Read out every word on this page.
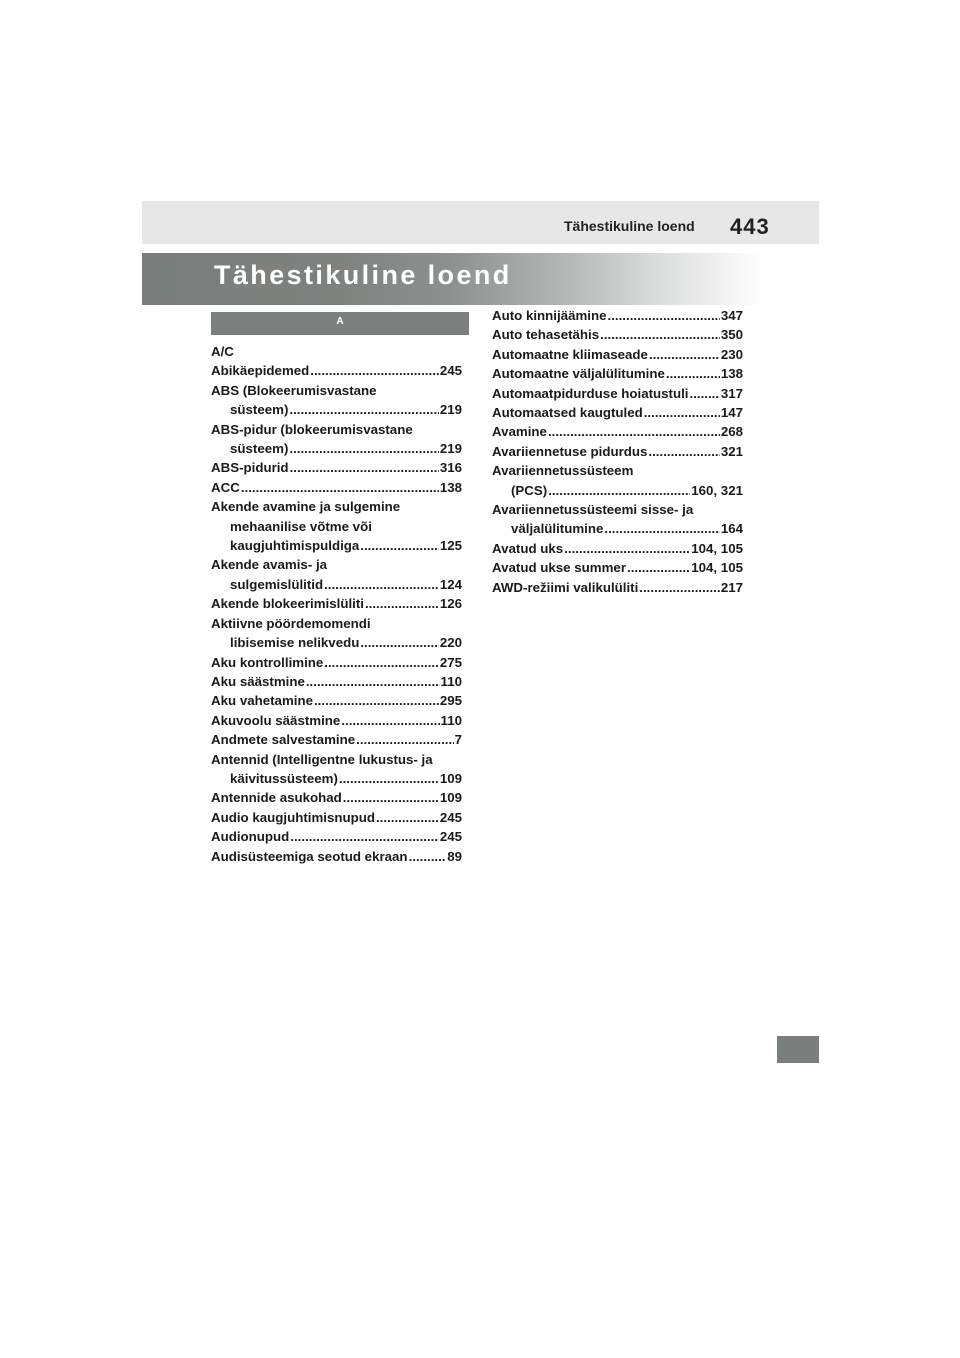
Tähestikuline loend 443
Tähestikuline loend
A
A/C
Abikäepidemed .....	245
ABS (Blokeerumisvastane
süsteem) .....	219
ABS-pidur (blokeerumisvastane
süsteem) .....	219
ABS-pidurid .....	316
ACC .....	138
Akende avamine ja sulgemine
mehaanilise võtme või
kaugjuhtimispuldiga .....	125
Akende avamis- ja
sulgemislülitid .....	124
Akende blokeerimislüliti .....	126
Aktiivne pöördemomendi
libisemise nelikvedu .....	220
Aku kontrollimine .....	275
Aku säästmine .....	110
Aku vahetamine .....	295
Akuvoolu säästmine .....	110
Andmete salvestamine .....	7
Antennid (Intelligentne lukustus- ja
käivitussüsteem) .....	109
Antennide asukohad .....	109
Audio kaugjuhtimisnupud .....	245
Audionupud .....	245
Audisüsteemiga seotud ekraan .....	89
Auto kinnijäämine .....	347
Auto tehasetähis .....	350
Automaatne kliimaseade .....	230
Automaatne väljalülitumine .....	138
Automaatpidurduse hoiatustuli ..... 317
Automaatsed kaugtuled .....	147
Avamine .....	268
Avariiennetuse pidurdus .....	321
Avariiennetussüsteem
(PCS) .....	160, 321
Avariiennetussüsteemi sisse- ja
väljalülitumine .....	164
Avatud uks .....	104, 105
Avatud ukse summer .....	104, 105
AWD-režiimi valikulüliti .....	217
